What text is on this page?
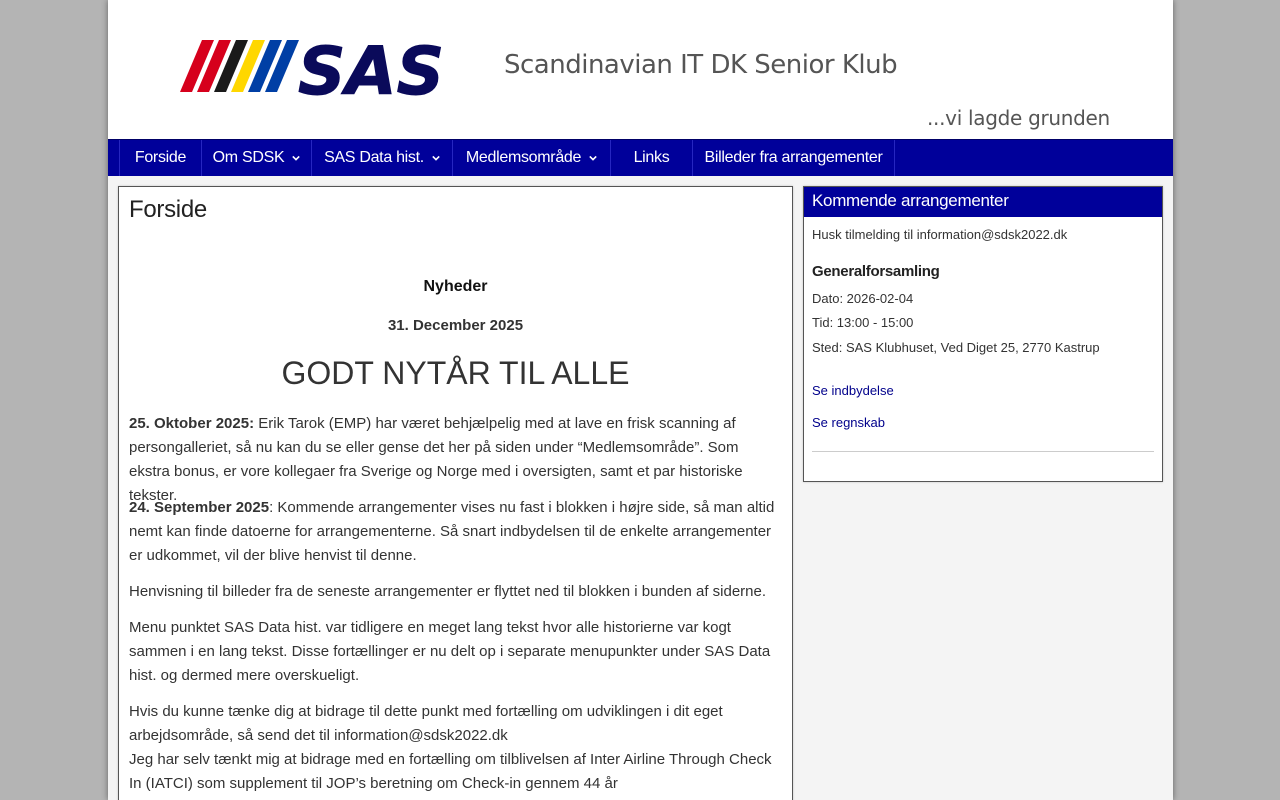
SAS Scandinavian IT DK Senior Klub
...vi lagde grunden
Forside Om SDSK SAS Data hist.	Medlemsområde	Links Billeder fra arrangementer
Forside
Nyheder
31. December 2025
GODT NYTÅR TIL ALLE

25. Oktober 2025: Erik Tarok (EMP) har været behjælpelig med at lave en frisk scanning af persongalleriet, så nu kan du se eller gense det her på siden under “Medlemsområde”. Som ekstra bonus, er vore kollegaer fra Sverige og Norge med i oversigten, samt et par historiske tekster.

24. September 2025: Kommende arrangementer vises nu fast i blokken i højre side, så man altid nemt kan finde datoerne for arrangementerne. Så snart indbydelsen til de enkelte arrangementer er udkommet, vil der blive henvist til denne.

Henvisning til billeder fra de seneste arrangementer er flyttet ned til blokken i bunden af siderne.

Menu punktet SAS Data hist. var tidligere en meget lang tekst hvor alle historierne var kogt sammen i en lang tekst. Disse fortællinger er nu delt op i separate menupunkter under SAS Data hist. og dermed mere overskueligt.

Hvis du kunne tænke dig at bidrage til dette punkt med fortælling om udviklingen i dit eget arbejdsområde, så send det til information@sdsk2022.dk

Jeg har selv tænkt mig at bidrage med en fortælling om tilblivelsen af Inter Airline Through Check In (IATCI) som supplement til JOP’s beretning om Check-in gennem 44 år

Kommende arrangementer
Husk tilmelding til information@sdsk2022.dk
Generalforsamling
Dato: 2026-02-04
Tid: 13:00 - 15:00
Sted: SAS Klubhuset, Ved Diget 25, 2770 Kastrup
Se indbydelse
Se regnskab
